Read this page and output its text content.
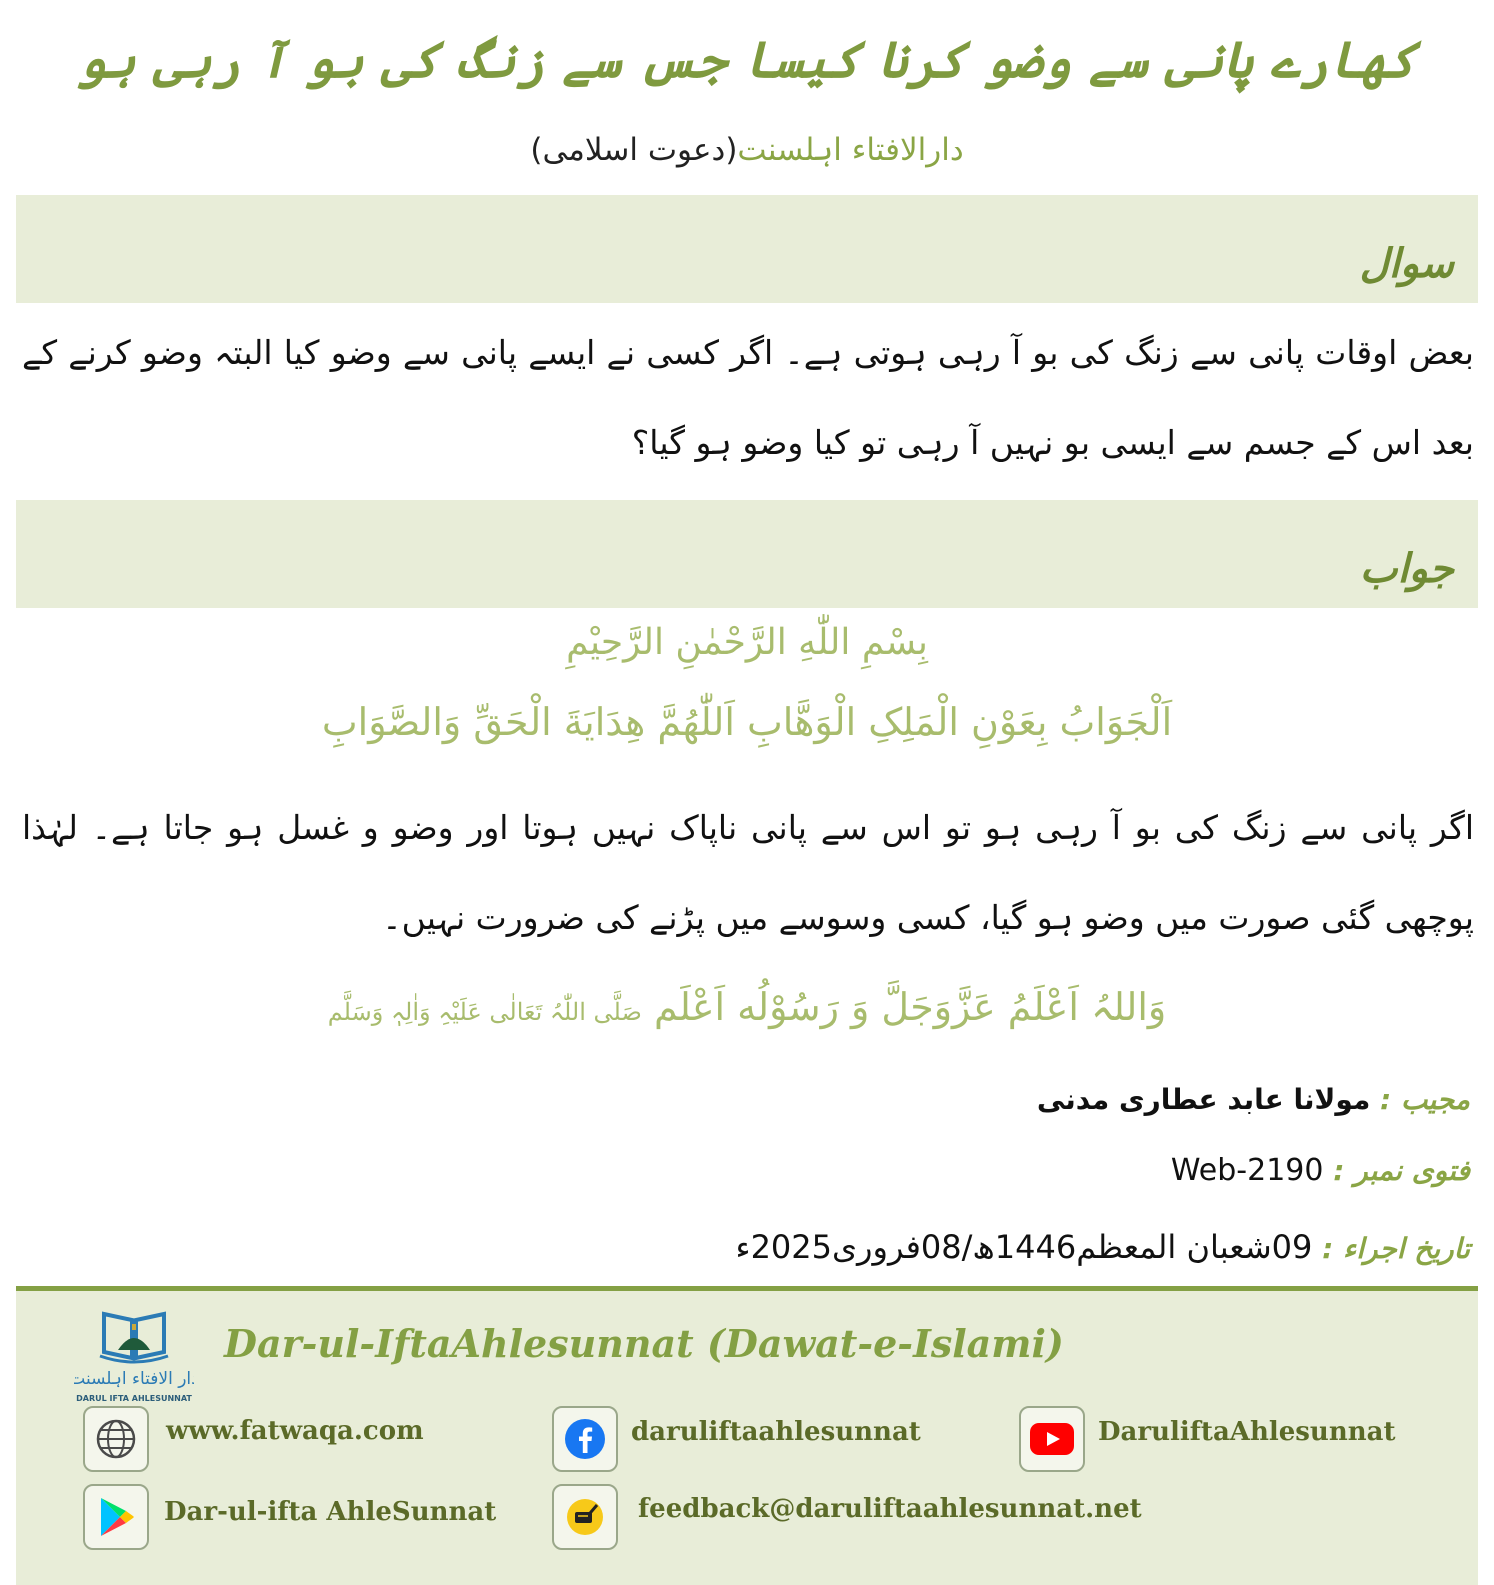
کھارے پانی سے وضو کرنا کیسا جس سے زنگ کی بو آ رہی ہو
دارالافتاء اہلسنت(دعوت اسلامی)
سوال
بعض اوقات پانی سے زنگ کی بو آ رہی ہوتی ہے۔ اگر کسی نے ایسے پانی سے وضو کیا البتہ وضو کرنے کے بعد اس کے جسم سے ایسی بو نہیں آ رہی تو کیا وضو ہو گیا؟
جواب
بِسْمِ اللّٰهِ الرَّحْمٰنِ الرَّحِيْمِ
اَلْجَوَابُ بِعَوْنِ الْمَلِکِ الْوَهَّابِ اَللّٰهُمَّ هِدَايَةَ الْحَقِّ وَالصَّوَابِ
اگر پانی سے زنگ کی بو آ رہی ہو تو اس سے پانی ناپاک نہیں ہوتا اور وضو و غسل ہو جاتا ہے۔ لہٰذا پوچھی گئی صورت میں وضو ہو گیا، کسی وسوسے میں پڑنے کی ضرورت نہیں۔
وَاللہُ اَعْلَمُ عَزَّوَجَلَّ وَ رَسُوْلُه اَعْلَم صَلَّی اللّٰہُ تَعَالٰی عَلَیْہِ وَاٰلِہٖ وَسَلَّم
مجیب : مولانا عابد عطاری مدنی
فتوی نمبر : Web-2190
تاریخ اجراء : 09شعبان المعظم1446ھ/08فروری2025ء
دار الافتاء اہلسنت
DARUL IFTA AHLESUNNAT
Dar-ul-IftaAhlesunnat (Dawat-e-Islami)
www.fatwaqa.com	daruliftaahlesunnat	DaruliftaAhlesunnat
Dar-ul-ifta AhleSunnat	feedback@daruliftaahlesunnat.net
